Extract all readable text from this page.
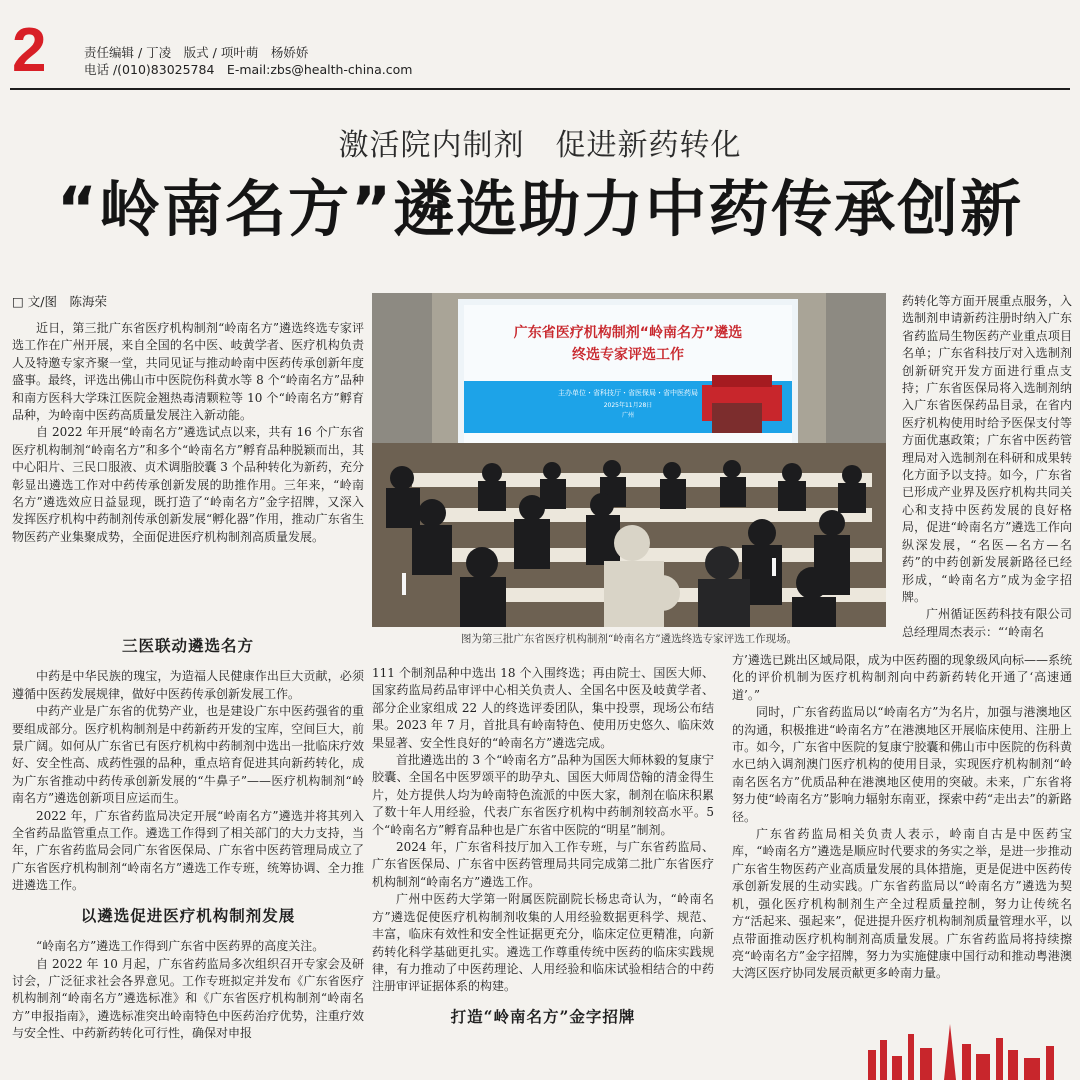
2	责任编辑 / 丁凌　版式 / 项叶萌　杨娇娇
电话 /(010)83025784　E-mail:zbs@health-china.com
激活院内制剂　促进新药转化
“岭南名方”遴选助力中药传承创新
□ 文/图　陈海荣

近日，第三批广东省医疗机构制剂“岭南名方”遴选终选专家评选工作在广州开展，来自全国的名中医、岐黄学者、医疗机构负责人及特邀专家齐聚一堂，共同见证与推动岭南中医药传承创新年度盛事。最终，评选出佛山市中医院伤科黄水等 8 个“岭南名方”品种和南方医科大学珠江医院金翘热毒清颗粒等 10 个“岭南名方”孵育品种，为岭南中医药高质量发展注入新动能。

自 2022 年开展“岭南名方”遴选试点以来，共有 16 个广东省医疗机构制剂“岭南名方”和多个“岭南名方”孵育品种脱颖而出，其中心阳片、三民口服液、贞术调脂胶囊 3 个品种转化为新药，充分彰显出遴选工作对中药传承创新发展的助推作用。三年来，“岭南名方”遴选效应日益显现，既打造了“岭南名方”金字招牌，又深入发挥医疗机构中药制剂传承创新发展“孵化器”作用，推动广东省生物医药产业集聚成势，全面促进医疗机构制剂高质量发展。

三医联动遴选名方

中药是中华民族的瑰宝，为造福人民健康作出巨大贡献，必须遵循中医药发展规律，做好中医药传承创新发展工作。

中药产业是广东省的优势产业，也是建设广东中医药强省的重要组成部分。医疗机构制剂是中药新药开发的宝库，空间巨大，前景广阔。如何从广东省已有医疗机构中药制剂中选出一批临床疗效好、安全性高、成药性强的品种，重点培育促进其向新药转化，成为广东省推动中药传承创新发展的“牛鼻子”——医疗机构制剂“岭南名方”遴选创新项目应运而生。

2022 年，广东省药监局决定开展“岭南名方”遴选并将其列入全省药品监管重点工作。遴选工作得到了相关部门的大力支持，当年，广东省药监局会同广东省医保局、广东省中医药管理局成立了广东省医疗机构制剂“岭南名方”遴选工作专班，统筹协调、全力推进遴选工作。

以遴选促进医疗机构制剂发展

“岭南名方”遴选工作得到广东省中医药界的高度关注。

自 2022 年 10 月起，广东省药监局多次组织召开专家会及研讨会，广泛征求社会各界意见。工作专班拟定并发布《广东省医疗机构制剂“岭南名方”遴选标准》和《广东省医疗机构制剂“岭南名方”申报指南》，遴选标准突出岭南特色中医药治疗优势，注重疗效与安全性、中药新药转化可行性，确保对申报

广东省医疗机构制剂“岭南名方”遴选
终选专家评选工作
主办单位・省科技厅・省医保局・省中医药局
2025年11月28日
广州
图为第三批广东省医疗机构制剂“岭南名方”遴选终选专家评选工作现场。

111 个制剂品种中选出 18 个入围终选；再由院士、国医大师、国家药监局药品审评中心相关负责人、全国名中医及岐黄学者、部分企业家组成 22 人的终选评委团队，集中投票，现场公布结果。2023 年 7 月，首批具有岭南特色、使用历史悠久、临床效果显著、安全性良好的“岭南名方”遴选完成。

首批遴选出的 3 个“岭南名方”品种为国医大师林毅的复康宁胶囊、全国名中医罗颂平的助孕丸、国医大师周岱翰的清金得生片，处方提供人均为岭南特色流派的中医大家，制剂在临床积累了数十年人用经验，代表广东省医疗机构中药制剂较高水平。5 个“岭南名方”孵育品种也是广东省中医院的“明星”制剂。

2024 年，广东省科技厅加入工作专班，与广东省药监局、广东省医保局、广东省中医药管理局共同完成第二批广东省医疗机构制剂“岭南名方”遴选工作。

广州中医药大学第一附属医院副院长杨忠奇认为，“岭南名方”遴选促使医疗机构制剂收集的人用经验数据更科学、规范、丰富，临床有效性和安全性证据更充分，临床定位更精准，向新药转化科学基础更扎实。遴选工作尊重传统中医药的临床实践规律，有力推动了中医药理论、人用经验和临床试验相结合的中药注册审评证据体系的构建。

打造“岭南名方”金字招牌

药转化等方面开展重点服务，入选制剂申请新药注册时纳入广东省药监局生物医药产业重点项目名单；广东省科技厅对入选制剂创新研究开发方面进行重点支持；广东省医保局将入选制剂纳入广东省医保药品目录，在省内医疗机构使用时给予医保支付等方面优惠政策；广东省中医药管理局对入选制剂在科研和成果转化方面予以支持。如今，广东省已形成产业界及医疗机构共同关心和支持中医药发展的良好格局，促进“岭南名方”遴选工作向纵深发展，“名医—名方—名药”的中药创新发展新路径已经形成，“岭南名方”成为金字招牌。

广州循证医药科技有限公司总经理周杰表示：“‘岭南名

方’遴选已跳出区域局限，成为中医药圈的现象级风向标——系统化的评价机制为医疗机构制剂向中药新药转化开通了‘高速通道’。”

同时，广东省药监局以“岭南名方”为名片，加强与港澳地区的沟通，积极推进“岭南名方”在港澳地区开展临床使用、注册上市。如今，广东省中医院的复康宁胶囊和佛山市中医院的伤科黄水已纳入调剂澳门医疗机构的使用目录，实现医疗机构制剂“岭南名医名方”优质品种在港澳地区使用的突破。未来，广东省将努力使“岭南名方”影响力辐射东南亚，探索中药“走出去”的新路径。

广东省药监局相关负责人表示，岭南自古是中医药宝库，“岭南名方”遴选是顺应时代要求的务实之举，是进一步推动广东省生物医药产业高质量发展的具体措施，更是促进中医药传承创新发展的生动实践。广东省药监局以“岭南名方”遴选为契机，强化医疗机构制剂生产全过程质量控制，努力让传统名方“活起来、强起来”，促进提升医疗机构制剂质量管理水平，以点带面推动医疗机构制剂高质量发展。广东省药监局将持续擦亮“岭南名方”金字招牌，努力为实施健康中国行动和推动粤港澳大湾区医疗协同发展贡献更多岭南力量。
